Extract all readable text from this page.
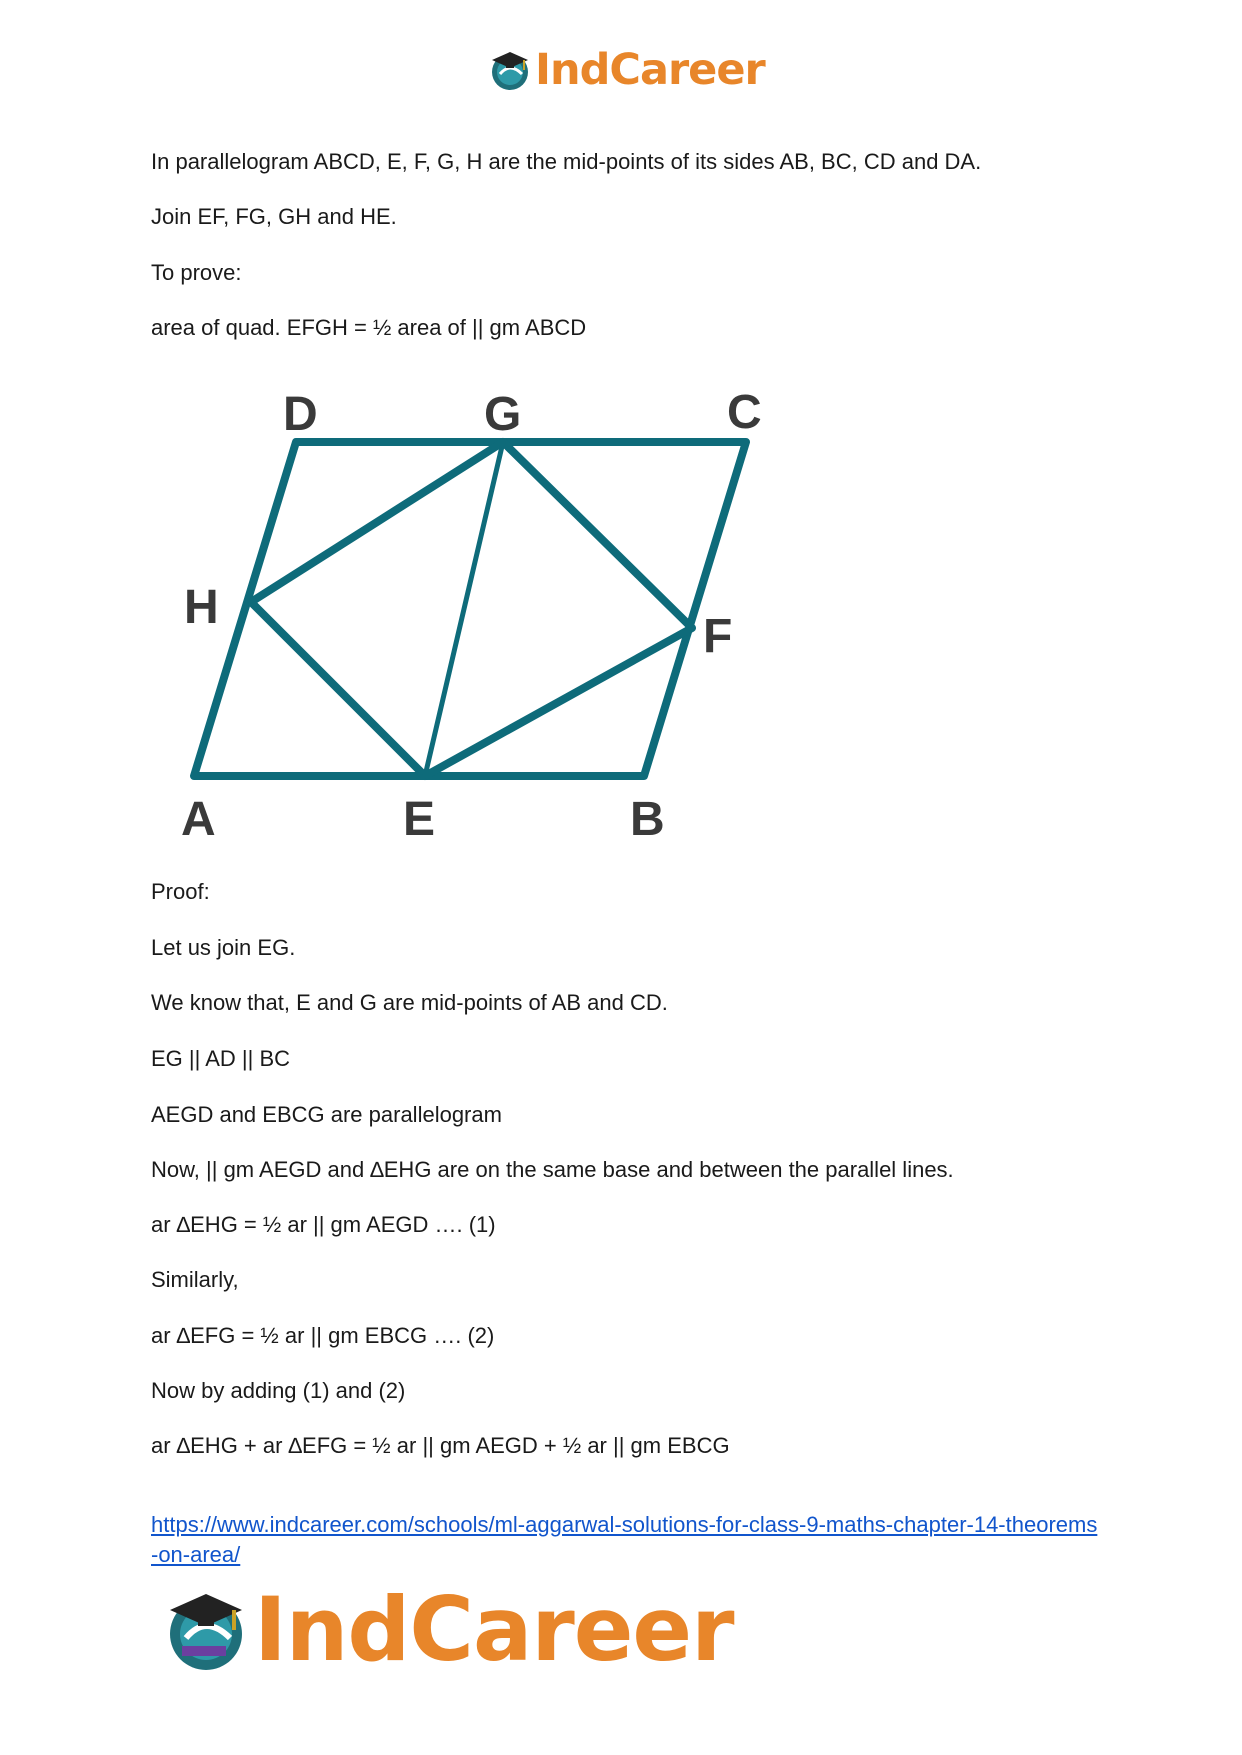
IndCareer
In parallelogram ABCD, E, F, G, H are the mid-points of its sides AB, BC, CD and DA.
Join EF, FG, GH and HE.
To prove:
area of quad. EFGH = ½ area of || gm ABCD
D	G	C
H
F
A	E	B
Proof:
Let us join EG.
We know that, E and G are mid-points of AB and CD.
EG || AD || BC
AEGD and EBCG are parallelogram
Now, || gm AEGD and ∆EHG are on the same base and between the parallel lines.
ar ∆EHG = ½ ar || gm AEGD …. (1)
Similarly,
ar ∆EFG = ½ ar || gm EBCG …. (2)
Now by adding (1) and (2)
ar ∆EHG + ar ∆EFG = ½ ar || gm AEGD + ½ ar || gm EBCG
https://www.indcareer.com/schools/ml-aggarwal-solutions-for-class-9-maths-chapter-14-theorems-on-area/
IndCareer
